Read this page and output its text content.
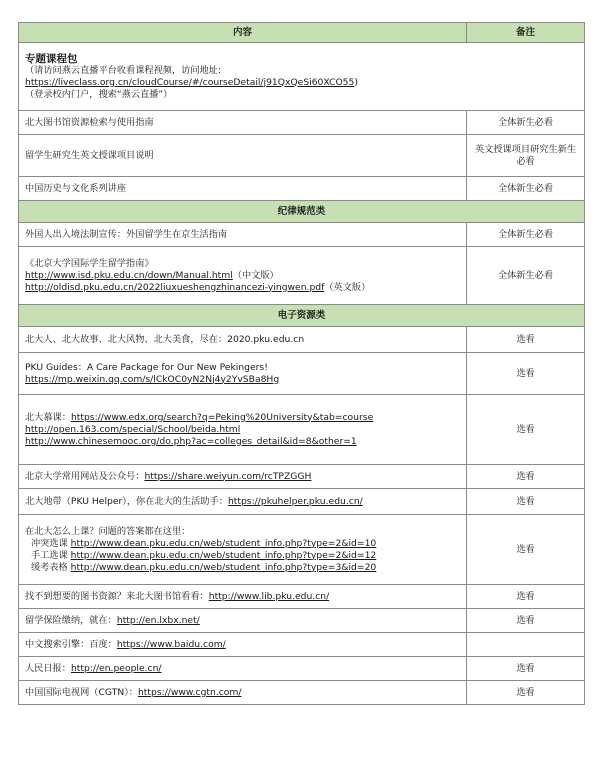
内容	备注

专题课程包
（请访问燕云直播平台收看课程视频，访问地址:
https://liveclass.org.cn/cloudCourse/#/courseDetail/j91QxQeSi60XCO55)
（登录校内门户，搜索“燕云直播”）	

北大图书馆资源检索与使用指南	全体新生必看
留学生研究生英文授课项目说明	英文授课项目研究生新生必看
中国历史与文化系列讲座	全体新生必看
纪律规范类	
外国人出入境法制宣传：外国留学生在京生活指南	全体新生必看

《北京大学国际学生留学指南》
http://www.isd.pku.edu.cn/down/Manual.html（中文版）
http://oldisd.pku.edu.cn/2022liuxueshengzhinancezi-yingwen.pdf（英文版）	全体新生必看
电子资源类	
北大人、北大故事、北大风物、北大美食，尽在：2020.pku.edu.cn	选看

PKU Guides：A Care Package for Our New Pekingers!
https://mp.weixin.qq.com/s/lCkOC0yN2Nj4y2YvSBa8Hg	选看

北大慕课：https://www.edx.org/search?q=Peking%20University&tab=course
http://open.163.com/special/School/beida.html
http://www.chinesemooc.org/do.php?ac=colleges_detail&id=8&other=1	选看
北京大学常用网站及公众号：https://share.weiyun.com/rcTPZGGH	选看
北大地带（PKU Helper），你在北大的生活助手：https://pkuhelper.pku.edu.cn/	选看

在北大怎么上课？问题的答案都在这里：
冲突选课 http://www.dean.pku.edu.cn/web/student_info.php?type=2&id=10
手工选课 http://www.dean.pku.edu.cn/web/student_info.php?type=2&id=12
缓考表格 http://www.dean.pku.edu.cn/web/student_info.php?type=3&id=20	选看
找不到想要的图书资源？来北大图书馆看看：http://www.lib.pku.edu.cn/	选看
留学保险缴纳，就在：http://en.lxbx.net/	选看
中文搜索引擎：百度：https://www.baidu.com/	
人民日报：http://en.people.cn/	选看
中国国际电视网（CGTN）：https://www.cgtn.com/	选看
